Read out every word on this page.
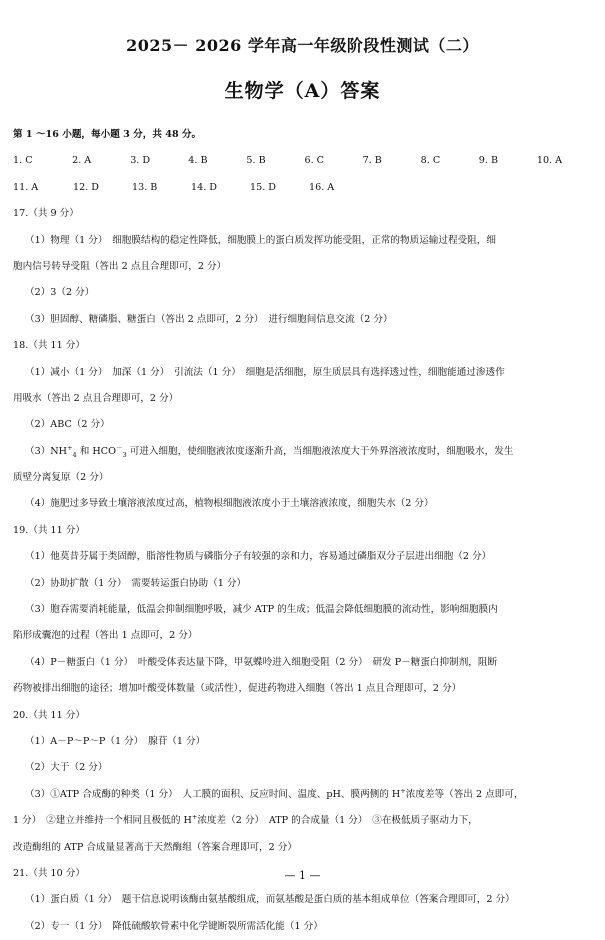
2025－ 2026 学年高一年级阶段性测试（二）
生物学（A）答案
第 1 ～16 小题，每小题 3 分，共 48 分。
1. C	2. A	3. D	4. B	5. B	6. C	7. B	8. C	9. B	10. A
11. A	12. D	13. B	14. D	15. D	16. A
17.（共 9 分）
（1）物理（1 分）　细胞膜结构的稳定性降低，细胞膜上的蛋白质发挥功能受阻，正常的物质运输过程受阻，细
胞内信号转导受阻（答出 2 点且合理即可，2 分）
（2）3（2 分）
（3）胆固醇、糖磷脂、糖蛋白（答出 2 点即可，2 分）　进行细胞间信息交流（2 分）
18.（共 11 分）
（1）减小（1 分）　加深（1 分）　引流法（1 分）　细胞是活细胞，原生质层具有选择透过性，细胞能通过渗透作
用吸水（答出 2 点且合理即可，2 分）
（2）ABC（2 分）
$(3)NH^+_4$ 和 $HCO^-_3$ 可进入细胞，使细胞液浓度逐渐升高，当细胞液浓度大于外界溶液浓度时，细胞吸水，发生
质壁分离复原（2 分）
（4）施肥过多导致土壤溶液浓度过高，植物根细胞液浓度小于土壤溶液浓度，细胞失水（2 分）
19.（共 11 分）
（1）他莫昔芬属于类固醇，脂溶性物质与磷脂分子有较强的亲和力，容易通过磷脂双分子层进出细胞（2 分）
（2）协助扩散（1 分）　需要转运蛋白协助（1 分）
（3）胞吞需要消耗能量，低温会抑制细胞呼吸，减少 ATP 的生成；低温会降低细胞膜的流动性，影响细胞膜内
陷形成囊泡的过程（答出 1 点即可，2 分）
（4）P－糖蛋白（1 分）　叶酸受体表达量下降，甲氨蝶呤进入细胞受阻（2 分）　研发 P－糖蛋白抑制剂，阻断
药物被排出细胞的途径；增加叶酸受体数量（或活性），促进药物进入细胞（答出 1 点且合理即可，2 分）
20.（共 11 分）
（1）A－P～P～P（1 分）　腺苷（1 分）
（2）大于（2 分）
（3）①ATP 合成酶的种类（1 分）　人工膜的面积、反应时间、温度、pH、膜两侧的 H+浓度差等（答出 2 点即可，
1 分）　②建立并维持一个相同且极低的 H+浓度差（2 分）　ATP 的合成量（1 分）　③在极低质子驱动力下，
改造酶组的 ATP 合成量显著高于天然酶组（答案合理即可，2 分）
21.（共 10 分）
（1）蛋白质（1 分）　题干信息说明该酶由氨基酸组成，而氨基酸是蛋白质的基本组成单位（答案合理即可，2 分）
（2）专一（1 分）　降低硫酸软骨素中化学键断裂所需活化能（1 分）
— 1 —
